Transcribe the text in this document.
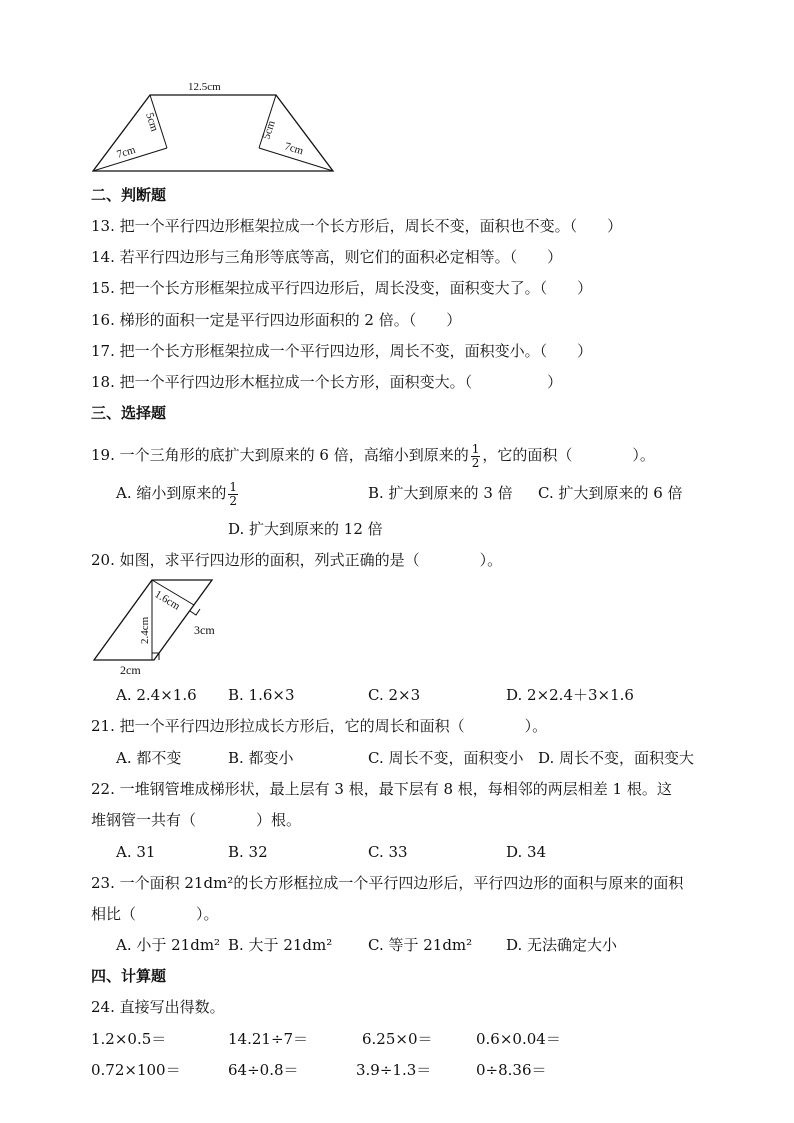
12.5cm
5cm
7cm
5cm
7cm
二、判断题
13. 把一个平行四边形框架拉成一个长方形后，周长不变，面积也不变。（　　）
14. 若平行四边形与三角形等底等高，则它们的面积必定相等。（　　）
15. 把一个长方形框架拉成平行四边形后，周长没变，面积变大了。（　　）
16. 梯形的面积一定是平行四边形面积的 2 倍。（　　）
17. 把一个长方形框架拉成一个平行四边形，周长不变，面积变小。（　　）
18. 把一个平行四边形木框拉成一个长方形，面积变大。（　　　　　）
三、选择题
19. 一个三角形的底扩大到原来的 6 倍，高缩小到原来的 $\frac{1}{2}$ ，它的面积（　　　　）。
A. 缩小到原来的 $\frac{1}{2}$	B. 扩大到原来的 3 倍 C. 扩大到原来的 6 倍
D. 扩大到原来的 12 倍
20. 如图，求平行四边形的面积，列式正确的是（　　　　）。
1.6cm
3cm
2.4cm
2cm
A. 2.4×1.6 B. 1.6×3	C. 2×3	D. 2×2.4＋3×1.6
21. 把一个平行四边形拉成长方形后，它的周长和面积（　　　　）。
A. 都不变	B. 都变小	C. 周长不变，面积变小 D. 周长不变，面积变大
22. 一堆钢管堆成梯形状，最上层有 3 根，最下层有 8 根，每相邻的两层相差 1 根。这
堆钢管一共有（　　　　）根。
A. 31	B. 32	C. 33	D. 34
23. 一个面积 21dm²的长方形框拉成一个平行四边形后，平行四边形的面积与原来的面积
相比（　　　　）。
A. 小于 21dm² B. 大于 21dm² C. 等于 21dm² D. 无法确定大小
四、计算题
24. 直接写出得数。
1.2×0.5＝	14.21÷7＝	6.25×0＝	0.6×0.04＝
0.72×100＝	64÷0.8＝	3.9÷1.3＝	0÷8.36＝
